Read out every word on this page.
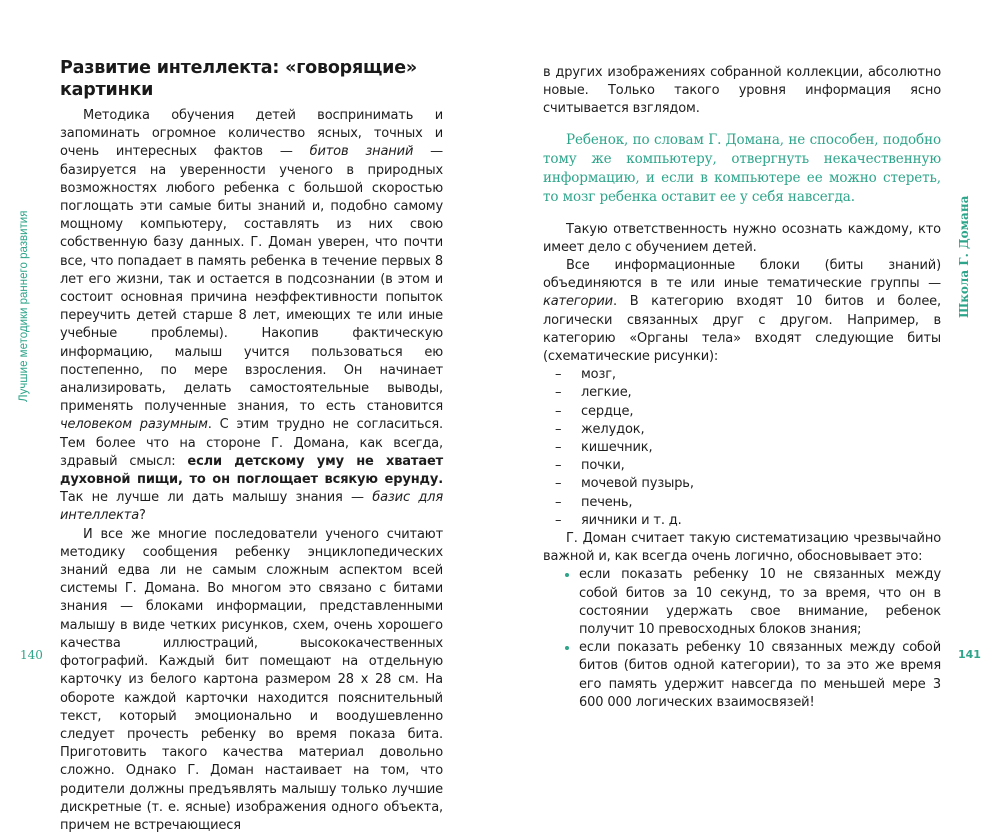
Лучшие методики раннего развития
Развитие интеллекта: «говорящие» картинки

Методика обучения детей воспринимать и запоминать огромное количество ясных, точных и очень интересных фактов — битов знаний — базируется на уверенности ученого в природных возможностях любого ребенка с большой скоростью поглощать эти самые биты знаний и, подобно самому мощному компьютеру, составлять из них свою собственную базу данных. Г. Доман уверен, что почти все, что попадает в память ребенка в течение первых 8 лет его жизни, так и остается в подсознании (в этом и состоит основная причина неэффективности попыток переучить детей старше 8 лет, имеющих те или иные учебные проблемы). Накопив фактическую информацию, малыш учится пользоваться ею постепенно, по мере взросления. Он начинает анализировать, делать самостоятельные выводы, применять полученные знания, то есть становится человеком разумным. С этим трудно не согласиться. Тем более что на стороне Г. Домана, как всегда, здравый смысл: если детскому уму не хватает духовной пищи, то он поглощает всякую ерунду. Так не лучше ли дать малышу знания — базис для интеллекта?

И все же многие последователи ученого считают методику сообщения ребенку энциклопедических знаний едва ли не самым сложным аспектом всей системы Г. Домана. Во многом это связано с битами знания — блоками информации, представленными малышу в виде четких рисунков, схем, очень хорошего качества иллюстраций, высококачественных фотографий. Каждый бит помещают на отдельную карточку из белого картона размером 28 x 28 см. На обороте каждой карточки находится пояснительный текст, который эмоционально и воодушевленно следует прочесть ребенку во время показа бита. Приготовить такого качества материал довольно сложно. Однако Г. Доман настаивает на том, что родители должны предъявлять малышу только лучшие дискретные (т. е. ясные) изображения одного объекта, причем не встречающиеся

140

в других изображениях собранной коллекции, абсолютно новые. Только такого уровня информация ясно считывается взглядом.

Ребенок, по словам Г. Домана, не способен, подобно тому же компьютеру, отвергнуть некачественную информацию, и если в компьютере ее можно стереть, то мозг ребенка оставит ее у себя навсегда.

Такую ответственность нужно осознать каждому, кто имеет дело с обучением детей.

Все информационные блоки (биты знаний) объединяются в те или иные тематические группы — категории. В категорию входят 10 битов и более, логически связанных друг с другом. Например, в категорию «Органы тела» входят следующие биты (схематические рисунки):

– мозг,
– легкие,
– сердце,
– желудок,
– кишечник,
– почки,
– мочевой пузырь,
– печень,
– яичники и т. д.

Г. Доман считает такую систематизацию чрезвычайно важной и, как всегда очень логично, обосновывает это:

если показать ребенку 10 не связанных между собой битов за 10 секунд, то за время, что он в состоянии удержать свое внимание, ребенок получит 10 превосходных блоков знания;
если показать ребенку 10 связанных между собой битов (битов одной категории), то за это же время его память удержит навсегда по меньшей мере 3 600 000 логических взаимосвязей!
Школа Г. Домана
141
